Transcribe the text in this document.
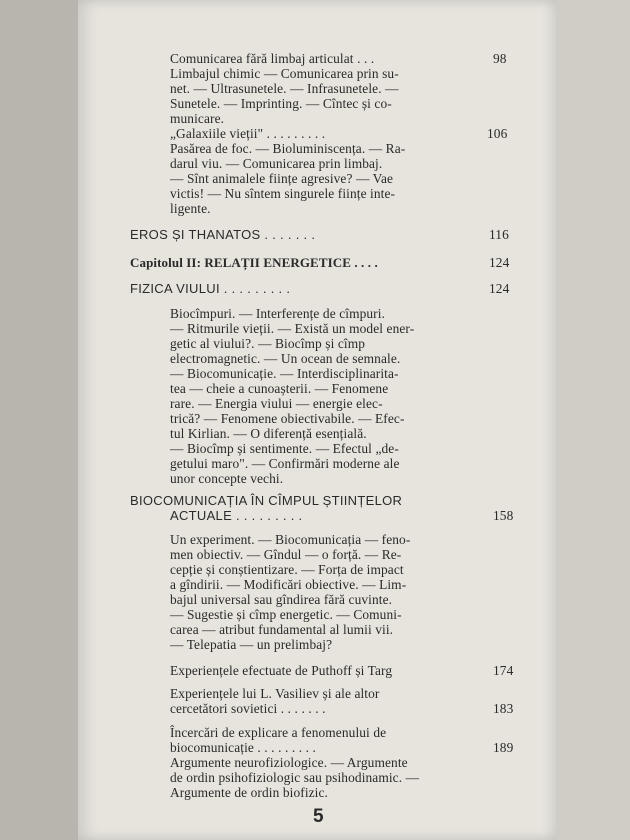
Comunicarea fără limbaj articulat . . .
Limbajul chimic — Comunicarea prin su-
net. — Ultrasunetele. — Infrasunetele. —
Sunetele. — Imprinting. — Cîntec și co-
municare.
98
„Galaxiile vieții" . . . . . . . . .
Pasărea de foc. — Bioluminiscența. — Ra-
darul viu. — Comunicarea prin limbaj.
— Sînt animalele ființe agresive? — Vae
victis! — Nu sîntem singurele ființe inte-
ligente.
106
EROS ȘI THANATOS . . . . . . .	116
Capitolul II: RELAȚII ENERGETICE . . . .	124
FIZICA VIULUI . . . . . . . . .	124
Biocîmpuri. — Interferențe de cîmpuri.
— Ritmurile vieții. — Există un model ener-
getic al viului?. — Biocîmp și cîmp
electromagnetic. — Un ocean de semnale.
— Biocomunicație. — Interdisciplinarita-
tea — cheie a cunoașterii. — Fenomene
rare. — Energia viului — energie elec-
trică? — Fenomene obiectivabile. — Efec-
tul Kirlian. — O diferență esențială.
— Biocîmp și sentimente. — Efectul „de-
getului maro". — Confirmări moderne ale
unor concepte vechi.
BIOCOMUNICAȚIA ÎN CÎMPUL ȘTIINȚELOR
ACTUALE . . . . . . . . .	158
Un experiment. — Biocomunicația — feno-
men obiectiv. — Gîndul — o forță. — Re-
cepție și conștientizare. — Forța de impact
a gîndirii. — Modificări obiective. — Lim-
bajul universal sau gîndirea fără cuvinte.
— Sugestie și cîmp energetic. — Comuni-
carea — atribut fundamental al lumii vii.
— Telepatia — un prelimbaj?
Experiențele efectuate de Puthoff și Targ	174
Experiențele lui L. Vasiliev și ale altor
cercetători sovietici . . . . . . .	183
Încercări de explicare a fenomenului de
biocomunicație . . . . . . . . .
Argumente neurofiziologice. — Argumente
de ordin psihofiziologic sau psihodinamic. —
Argumente de ordin biofizic.
189
5
